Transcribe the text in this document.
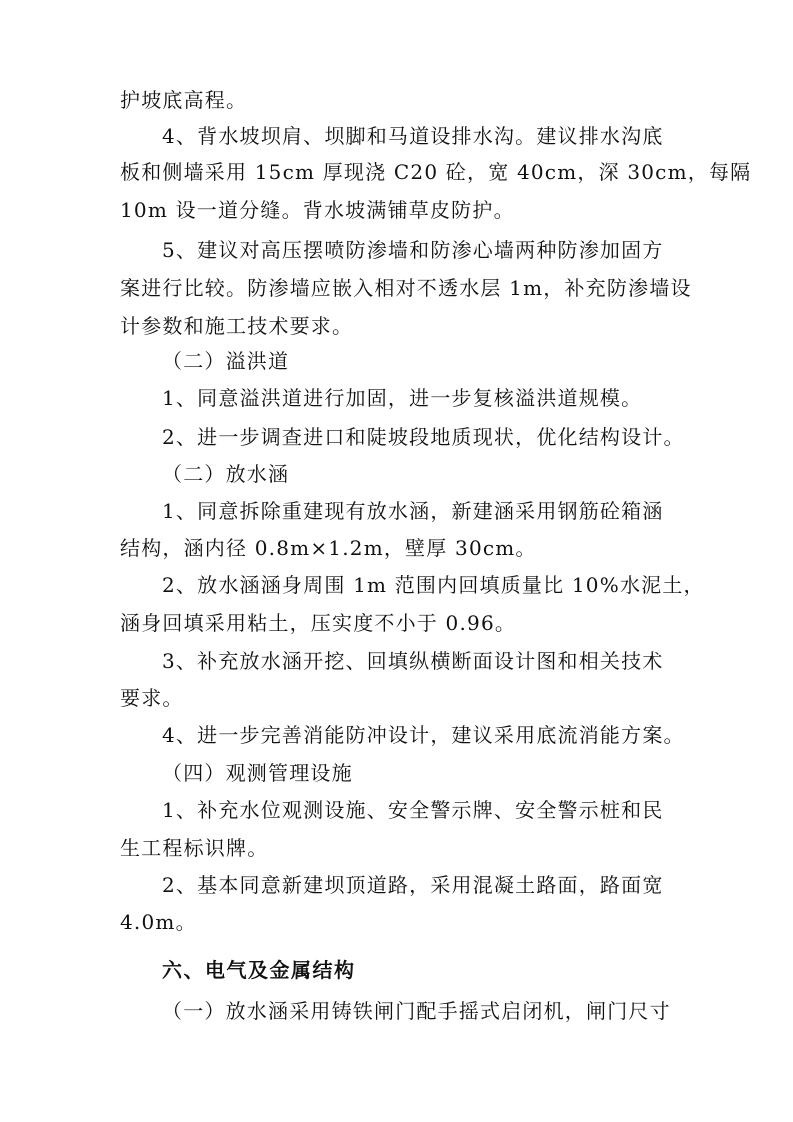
护坡底高程。
4、背水坡坝肩、坝脚和马道设排水沟。建议排水沟底
板和侧墙采用 15cm 厚现浇 C20 砼，宽 40cm，深 30cm，每隔
10m 设一道分缝。背水坡满铺草皮防护。
5、建议对高压摆喷防渗墙和防渗心墙两种防渗加固方
案进行比较。防渗墙应嵌入相对不透水层 1m，补充防渗墙设
计参数和施工技术要求。
（二）溢洪道
1、同意溢洪道进行加固，进一步复核溢洪道规模。
2、进一步调查进口和陡坡段地质现状，优化结构设计。
（二）放水涵
1、同意拆除重建现有放水涵，新建涵采用钢筋砼箱涵
结构，涵内径 0.8m×1.2m，壁厚 30cm。
2、放水涵涵身周围 1m 范围内回填质量比 10%水泥土，
涵身回填采用粘土，压实度不小于 0.96。
3、补充放水涵开挖、回填纵横断面设计图和相关技术
要求。
4、进一步完善消能防冲设计，建议采用底流消能方案。
（四）观测管理设施
1、补充水位观测设施、安全警示牌、安全警示桩和民
生工程标识牌。
2、基本同意新建坝顶道路，采用混凝土路面，路面宽
4.0m。
六、电气及金属结构
（一）放水涵采用铸铁闸门配手摇式启闭机，闸门尺寸
